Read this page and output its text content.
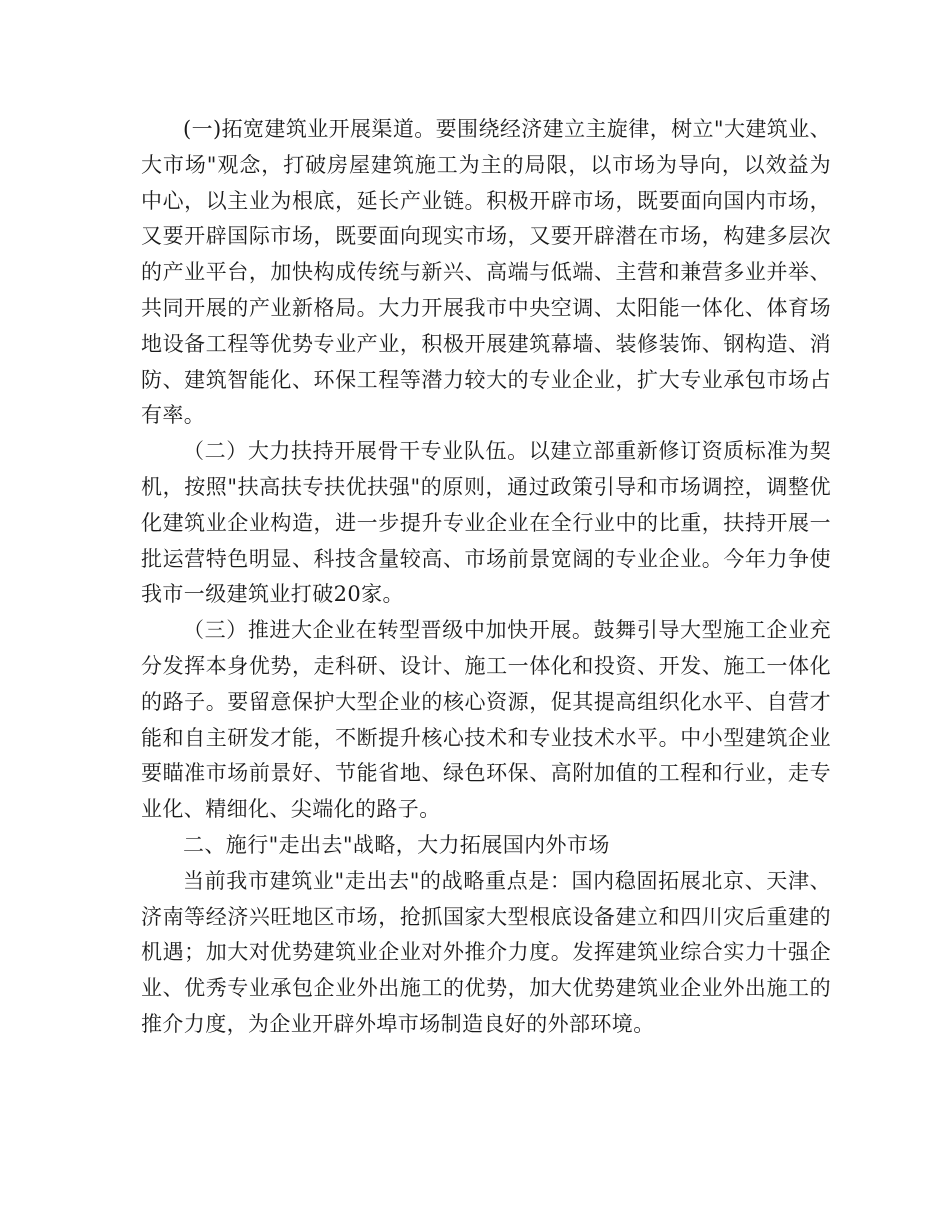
(一)拓宽建筑业开展渠道。要围绕经济建立主旋律，树立"大建筑业、大市场"观念，打破房屋建筑施工为主的局限，以市场为导向，以效益为中心，以主业为根底，延长产业链。积极开辟市场，既要面向国内市场，又要开辟国际市场，既要面向现实市场，又要开辟潜在市场，构建多层次的产业平台，加快构成传统与新兴、高端与低端、主营和兼营多业并举、共同开展的产业新格局。大力开展我市中央空调、太阳能一体化、体育场地设备工程等优势专业产业，积极开展建筑幕墙、装修装饰、钢构造、消防、建筑智能化、环保工程等潜力较大的专业企业，扩大专业承包市场占有率。

（二）大力扶持开展骨干专业队伍。以建立部重新修订资质标准为契机，按照"扶高扶专扶优扶强"的原则，通过政策引导和市场调控，调整优化建筑业企业构造，进一步提升专业企业在全行业中的比重，扶持开展一批运营特色明显、科技含量较高、市场前景宽阔的专业企业。今年力争使我市一级建筑业打破20家。

（三）推进大企业在转型晋级中加快开展。鼓舞引导大型施工企业充分发挥本身优势，走科研、设计、施工一体化和投资、开发、施工一体化的路子。要留意保护大型企业的核心资源，促其提高组织化水平、自营才能和自主研发才能，不断提升核心技术和专业技术水平。中小型建筑企业要瞄准市场前景好、节能省地、绿色环保、高附加值的工程和行业，走专业化、精细化、尖端化的路子。

二、施行"走出去"战略，大力拓展国内外市场

当前我市建筑业"走出去"的战略重点是：国内稳固拓展北京、天津、济南等经济兴旺地区市场，抢抓国家大型根底设备建立和四川灾后重建的机遇；加大对优势建筑业企业对外推介力度。发挥建筑业综合实力十强企业、优秀专业承包企业外出施工的优势，加大优势建筑业企业外出施工的推介力度，为企业开辟外埠市场制造良好的外部环境。
